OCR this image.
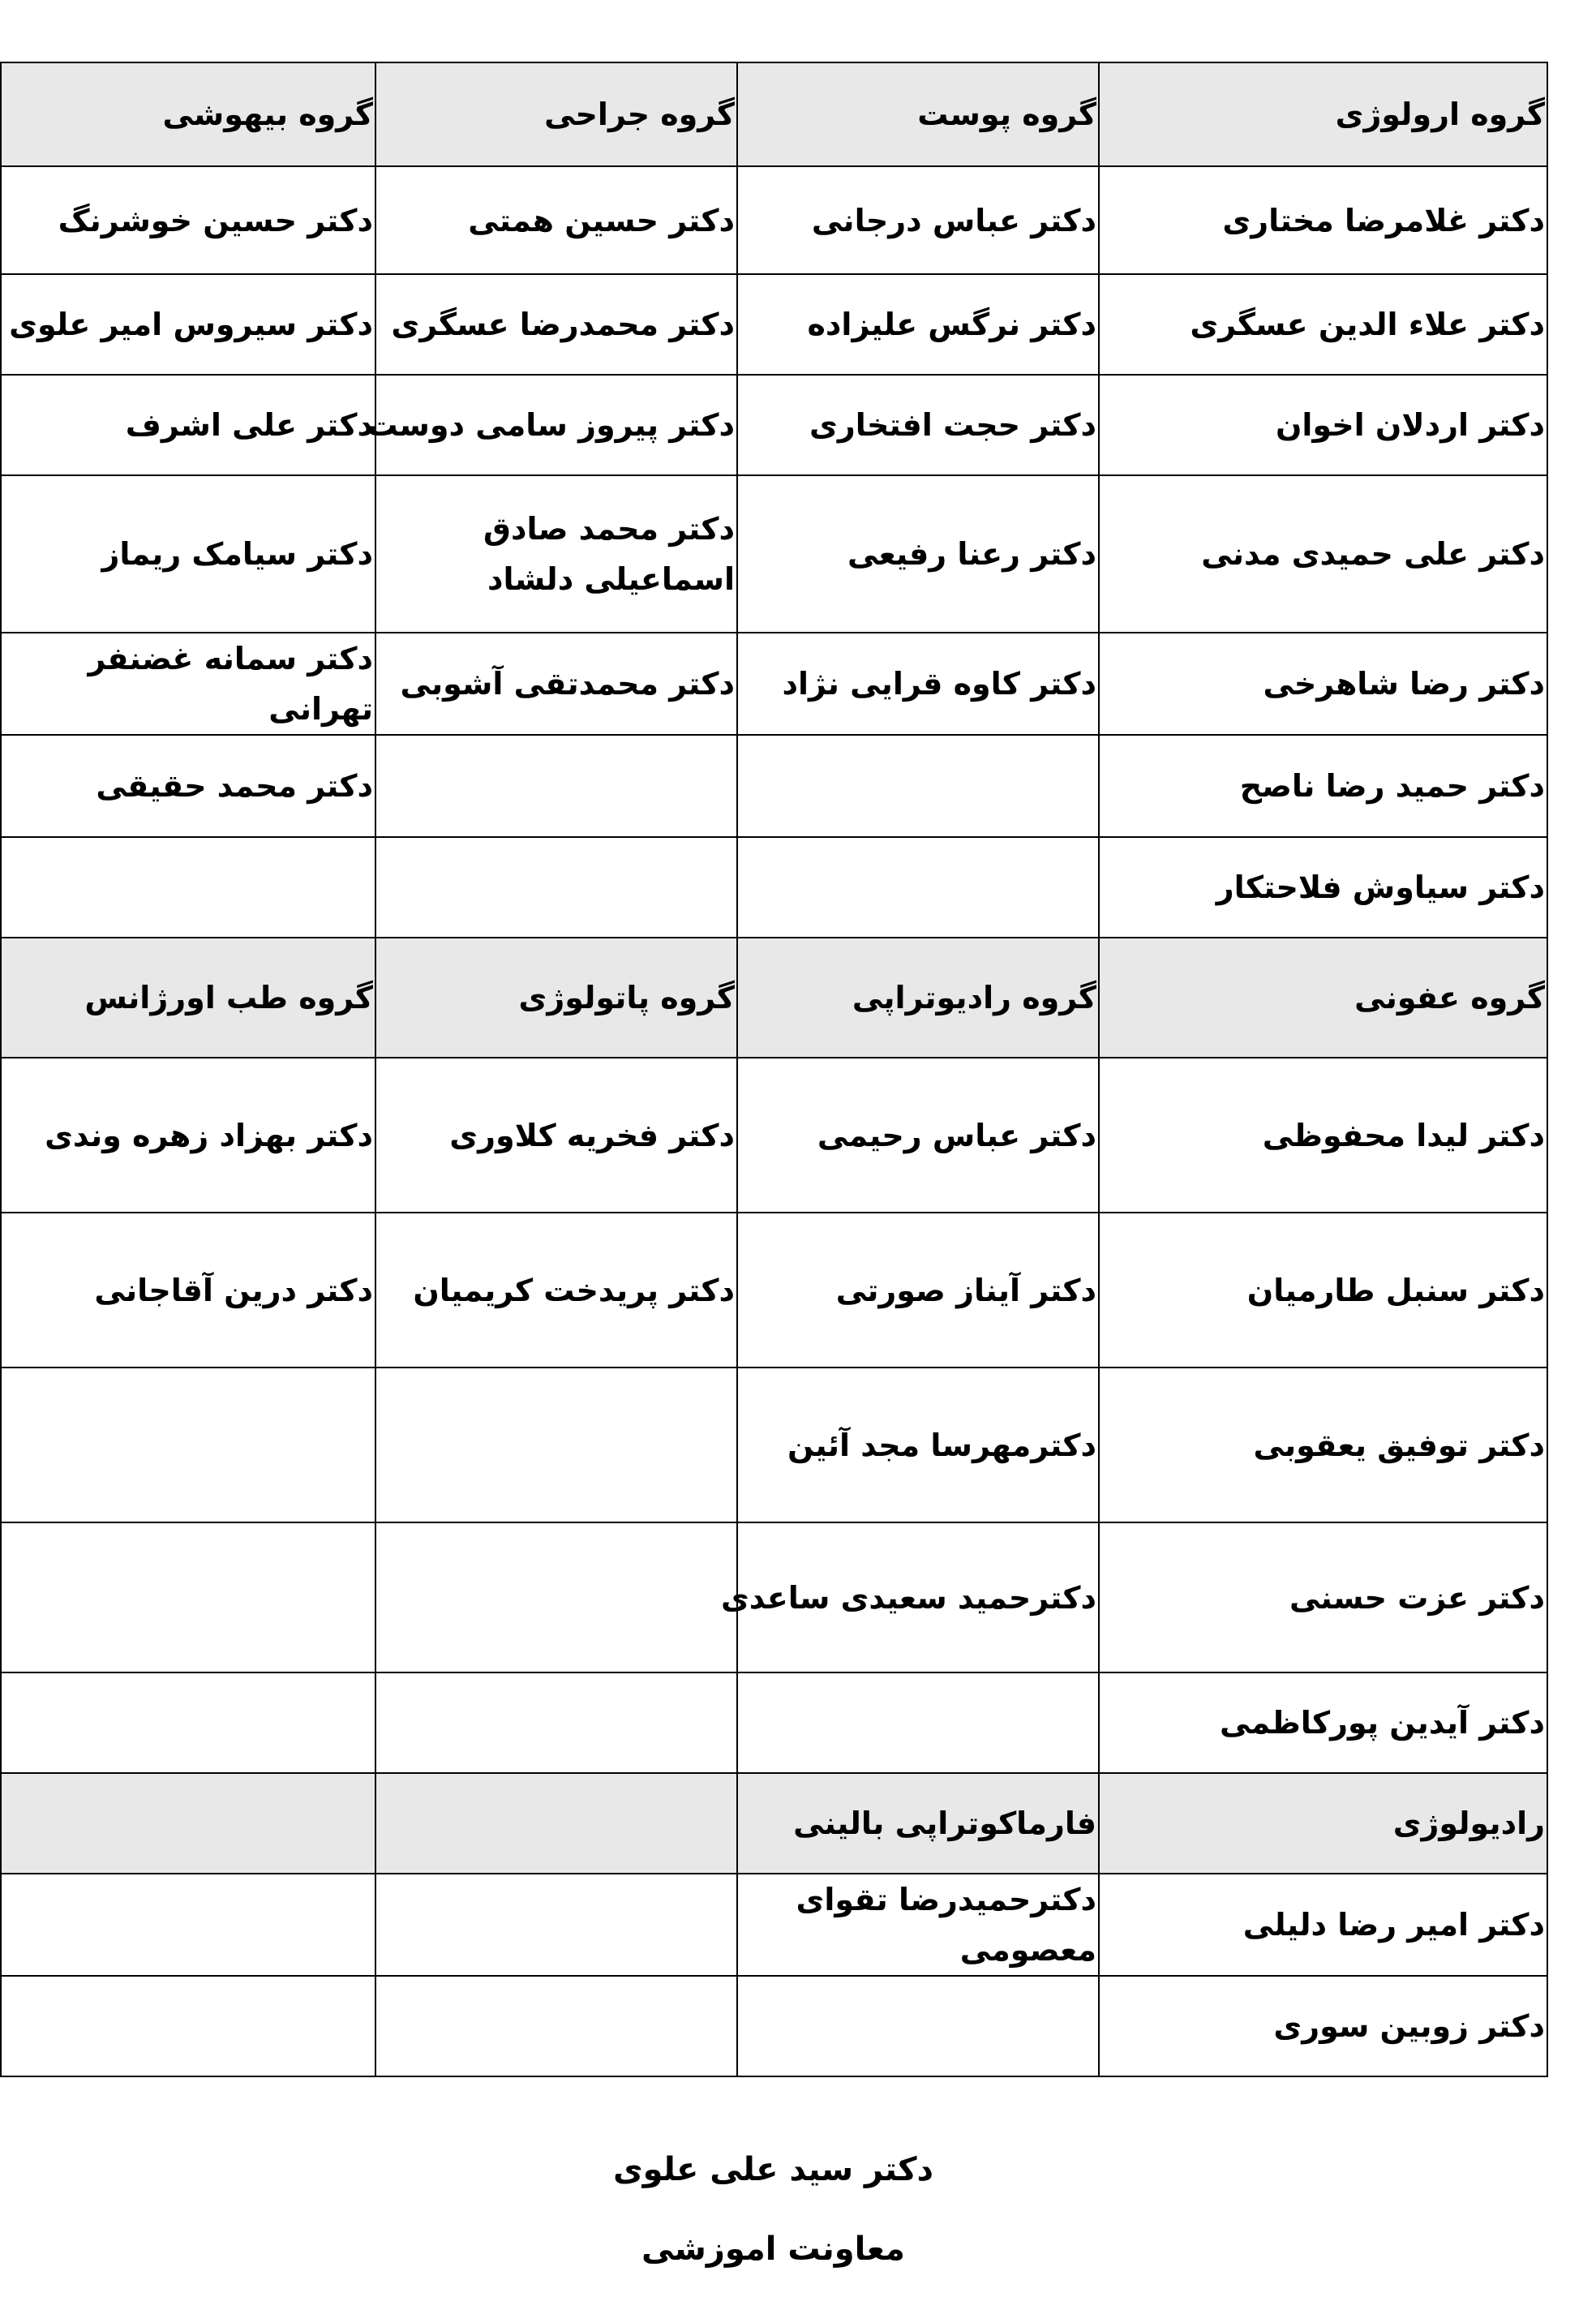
گروه ارولوژی	گروه پوست	گروه جراحی	گروه بیهوشی
دکتر غلامرضا مختاری	دکتر عباس درجانی	دکتر حسین همتی	دکتر حسین خوشرنگ
دکتر علاء الدین عسگری	دکتر نرگس علیزاده	دکتر محمدرضا عسگری	دکتر سیروس امیر علوی
دکتر اردلان اخوان	دکتر حجت افتخاری	دکتر پیروز سامی دوست	دکتر علی اشرف
دکتر علی حمیدی مدنی	دکتر رعنا رفیعی	دکتر محمد صادق اسماعیلی دلشاد	دکتر سیامک ریماز
دکتر رضا شاهرخی	دکتر کاوه قرایی نژاد	دکتر محمدتقی آشوبی	دکتر سمانه غضنفر تهرانی
دکتر حمید رضا ناصح			دکتر محمد حقیقی
دکتر سیاوش فلاحتکار			
گروه عفونی	گروه رادیوتراپی	گروه پاتولوژی	گروه طب اورژانس
دکتر لیدا محفوظی	دکتر عباس رحیمی	دکتر فخریه کلاوری	دکتر بهزاد زهره وندی
دکتر سنبل طارمیان	دکتر آیناز صورتی	دکتر پریدخت کریمیان	دکتر درین آقاجانی
دکتر توفیق یعقوبی	دکترمهرسا مجد آئین		
دکتر عزت حسنی	دکترحمید سعیدی ساعدی		
دکتر آیدین پورکاظمی			
رادیولوژی	فارماکوتراپی بالینی		
دکتر امیر رضا دلیلی	دکترحمیدرضا تقوای معصومی		
دکتر زوبین سوری			
دکتر سید علی علوی
معاونت اموزشی
